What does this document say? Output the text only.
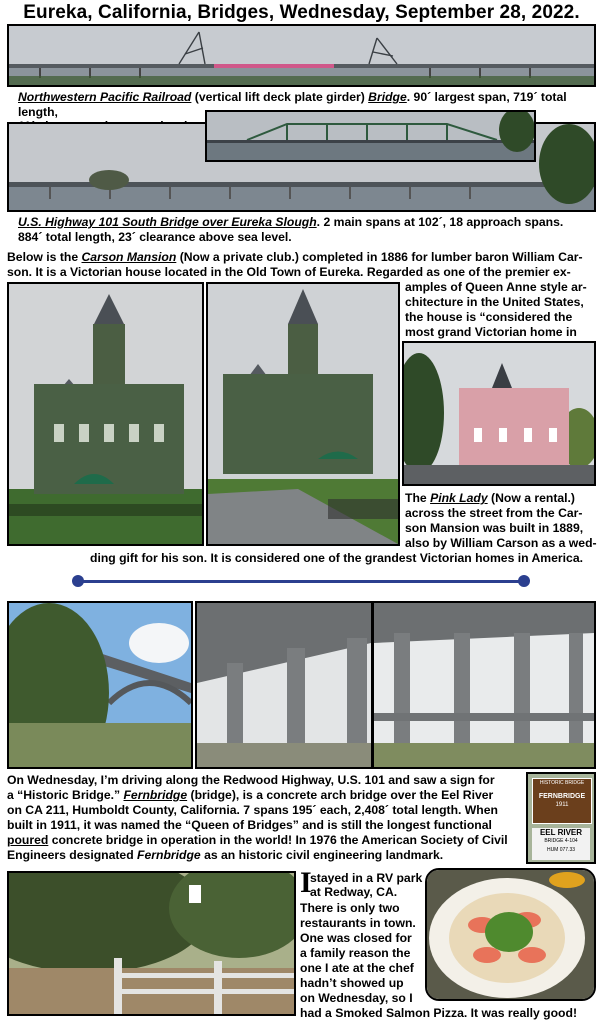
Eureka, California, Bridges, Wednesday, September 28, 2022.
Northwestern Pacific Railroad (vertical lift deck plate girder) Bridge. 90´ largest span, 719´ total length,

U.S. Highway 101 South Bridge over Eureka Slough. 2 main spans at 102´, 18 approach spans.
884´ total length, 23´ clearance above sea level.
Below is the Carson Mansion (Now a private club.) completed in 1886 for lumber baron William Car-
son. It is a Victorian house located in the Old Town of Eureka. Regarded as one of the premier ex-
amples of Queen Anne style ar-
chitecture in the United States,
the house is “considered the
most grand Victorian home in
The Pink Lady (Now a rental.)
across the street from the Car-
son Mansion was built in 1889,
also by William Carson as a wed-
ding gift for his son. It is considered one of the grandest Victorian homes in America.
On Wednesday, I’m driving along the Redwood Highway, U.S. 101 and saw a sign for
a “Historic Bridge.” Fernbridge (bridge), is a concrete arch bridge over the Eel River
on CA 211, Humboldt County, California. 7 spans 195´ each, 2,408´ total length. When
built in 1911, it was named the “Queen of Bridges” and is still the longest functional
poured concrete bridge in operation in the world! In 1976 the American Society of Civil
Engineers designated Fernbridge as an historic civil engineering landmark.
HISTORIC BRIDGE
FERNBRIDGE
1911
EEL RIVER
BRIDGE 4-104
HUM 077.33
I
stayed in a RV park
at Redway, CA.
There is only two
restaurants in town.
One was closed for
a family reason the
one I ate at the chef
hadn’t showed up
on Wednesday, so I
had a Smoked Salmon Pizza. It was really good!
